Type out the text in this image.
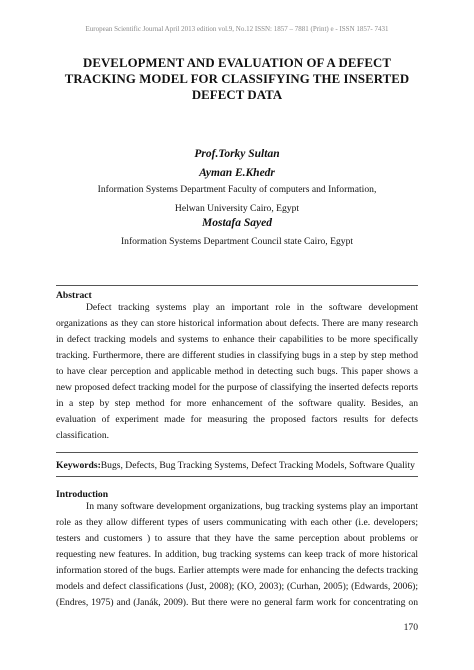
European Scientific Journal April 2013 edition vol.9, No.12 ISSN: 1857 – 7881 (Print) e - ISSN 1857- 7431
DEVELOPMENT AND EVALUATION OF A DEFECT
TRACKING MODEL FOR CLASSIFYING THE INSERTED
DEFECT DATA
Prof.Torky Sultan
Ayman E.Khedr
Information Systems Department Faculty of computers and Information,
Helwan University Cairo, Egypt
Mostafa Sayed
Information Systems Department Council state Cairo, Egypt
Abstract
Defect tracking systems play an important role in the software development
organizations as they can store historical information about defects. There are many research
in defect tracking models and systems to enhance their capabilities to be more specifically
tracking. Furthermore, there are different studies in classifying bugs in a step by step method
to have clear perception and applicable method in detecting such bugs. This paper shows a
new proposed defect tracking model for the purpose of classifying the inserted defects reports
in a step by step method for more enhancement of the software quality. Besides, an
evaluation of experiment made for measuring the proposed factors results for defects
classification.
Keywords:Bugs, Defects, Bug Tracking Systems, Defect Tracking Models, Software Quality
Introduction
In many software development organizations, bug tracking systems play an important
role as they allow different types of users communicating with each other (i.e. developers;
testers and customers ) to assure that they have the same perception about problems or
requesting new features. In addition, bug tracking systems can keep track of more historical
information stored of the bugs. Earlier attempts were made for enhancing the defects tracking
models and defect classifications (Just, 2008); (KO, 2003); (Curhan, 2005); (Edwards, 2006);
(Endres, 1975) and (Janák, 2009). But there were no general farm work for concentrating on
170
